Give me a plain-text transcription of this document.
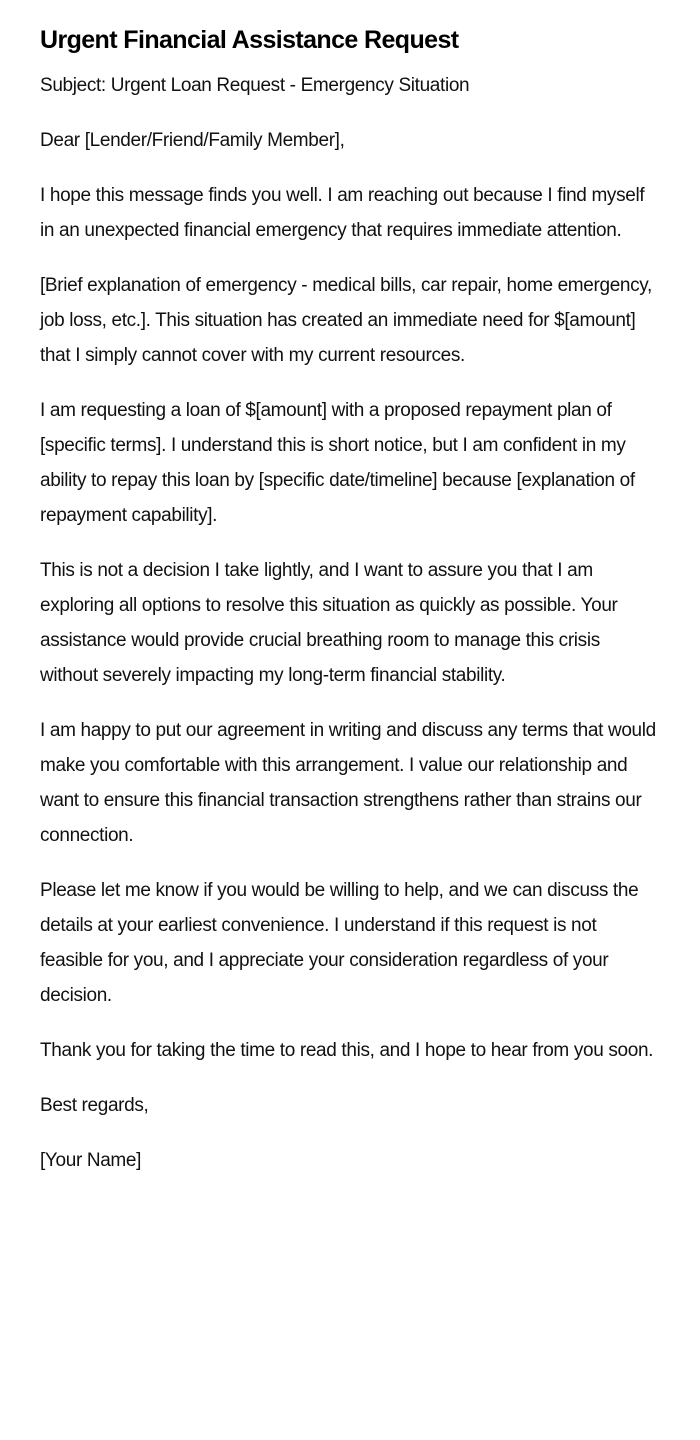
Urgent Financial Assistance Request

Subject: Urgent Loan Request - Emergency Situation

Dear [Lender/Friend/Family Member],

I hope this message finds you well. I am reaching out because I find myself in an unexpected financial emergency that requires immediate attention.

[Brief explanation of emergency - medical bills, car repair, home emergency, job loss, etc.]. This situation has created an immediate need for $[amount] that I simply cannot cover with my current resources.

I am requesting a loan of $[amount] with a proposed repayment plan of [specific terms]. I understand this is short notice, but I am confident in my ability to repay this loan by [specific date/timeline] because [explanation of repayment capability].

This is not a decision I take lightly, and I want to assure you that I am exploring all options to resolve this situation as quickly as possible. Your assistance would provide crucial breathing room to manage this crisis without severely impacting my long-term financial stability.

I am happy to put our agreement in writing and discuss any terms that would make you comfortable with this arrangement. I value our relationship and want to ensure this financial transaction strengthens rather than strains our connection.

Please let me know if you would be willing to help, and we can discuss the details at your earliest convenience. I understand if this request is not feasible for you, and I appreciate your consideration regardless of your decision.

Thank you for taking the time to read this, and I hope to hear from you soon.

Best regards,

[Your Name]
